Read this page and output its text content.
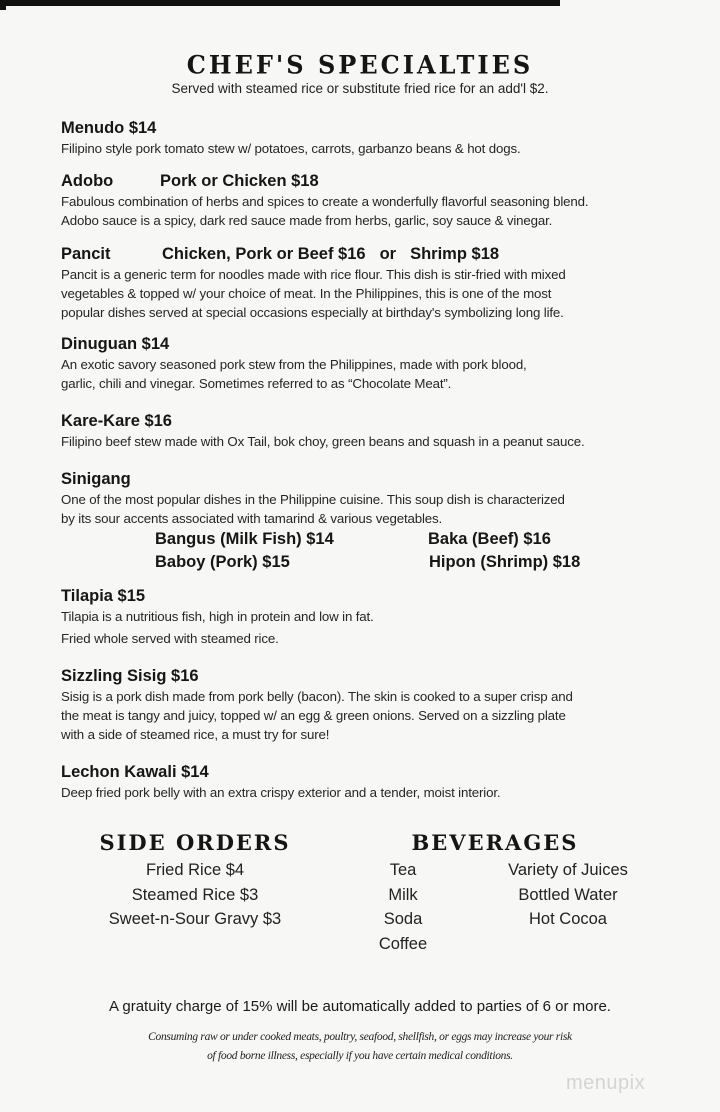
CHEF'S SPECIALTIES
Served with steamed rice or substitute fried rice for an add'l $2.
Menudo $14
Filipino style pork tomato stew w/ potatoes, carrots, garbanzo beans & hot dogs.
Adobo	Pork or Chicken $18
Fabulous combination of herbs and spices to create a wonderfully flavorful seasoning blend.
Adobo sauce is a spicy, dark red sauce made from herbs, garlic, soy sauce & vinegar.
Pancit	Chicken, Pork or Beef $16 or Shrimp $18
Pancit is a generic term for noodles made with rice flour. This dish is stir-fried with mixed
vegetables & topped w/ your choice of meat. In the Philippines, this is one of the most
popular dishes served at special occasions especially at birthday's symbolizing long life.
Dinuguan $14
An exotic savory seasoned pork stew from the Philippines, made with pork blood,
garlic, chili and vinegar. Sometimes referred to as “Chocolate Meat”.
Kare-Kare $16
Filipino beef stew made with Ox Tail, bok choy, green beans and squash in a peanut sauce.
Sinigang
One of the most popular dishes in the Philippine cuisine. This soup dish is characterized
by its sour accents associated with tamarind & various vegetables.
Bangus (Milk Fish) $14	Baka (Beef) $16
Baboy (Pork) $15	Hipon (Shrimp) $18
Tilapia $15
Tilapia is a nutritious fish, high in protein and low in fat.
Fried whole served with steamed rice.
Sizzling Sisig $16
Sisig is a pork dish made from pork belly (bacon). The skin is cooked to a super crisp and
the meat is tangy and juicy, topped w/ an egg & green onions. Served on a sizzling plate
with a side of steamed rice, a must try for sure!
Lechon Kawali $14
Deep fried pork belly with an extra crispy exterior and a tender, moist interior.
SIDE ORDERS
Fried Rice $4
Steamed Rice $3
Sweet-n-Sour Gravy $3
BEVERAGES
Tea
Milk
Soda
Coffee
Variety of Juices
Bottled Water
Hot Cocoa
A gratuity charge of 15% will be automatically added to parties of 6 or more.
Consuming raw or under cooked meats, poultry, seafood, shellfish, or eggs may increase your risk
of food borne illness, especially if you have certain medical conditions.
menupix
